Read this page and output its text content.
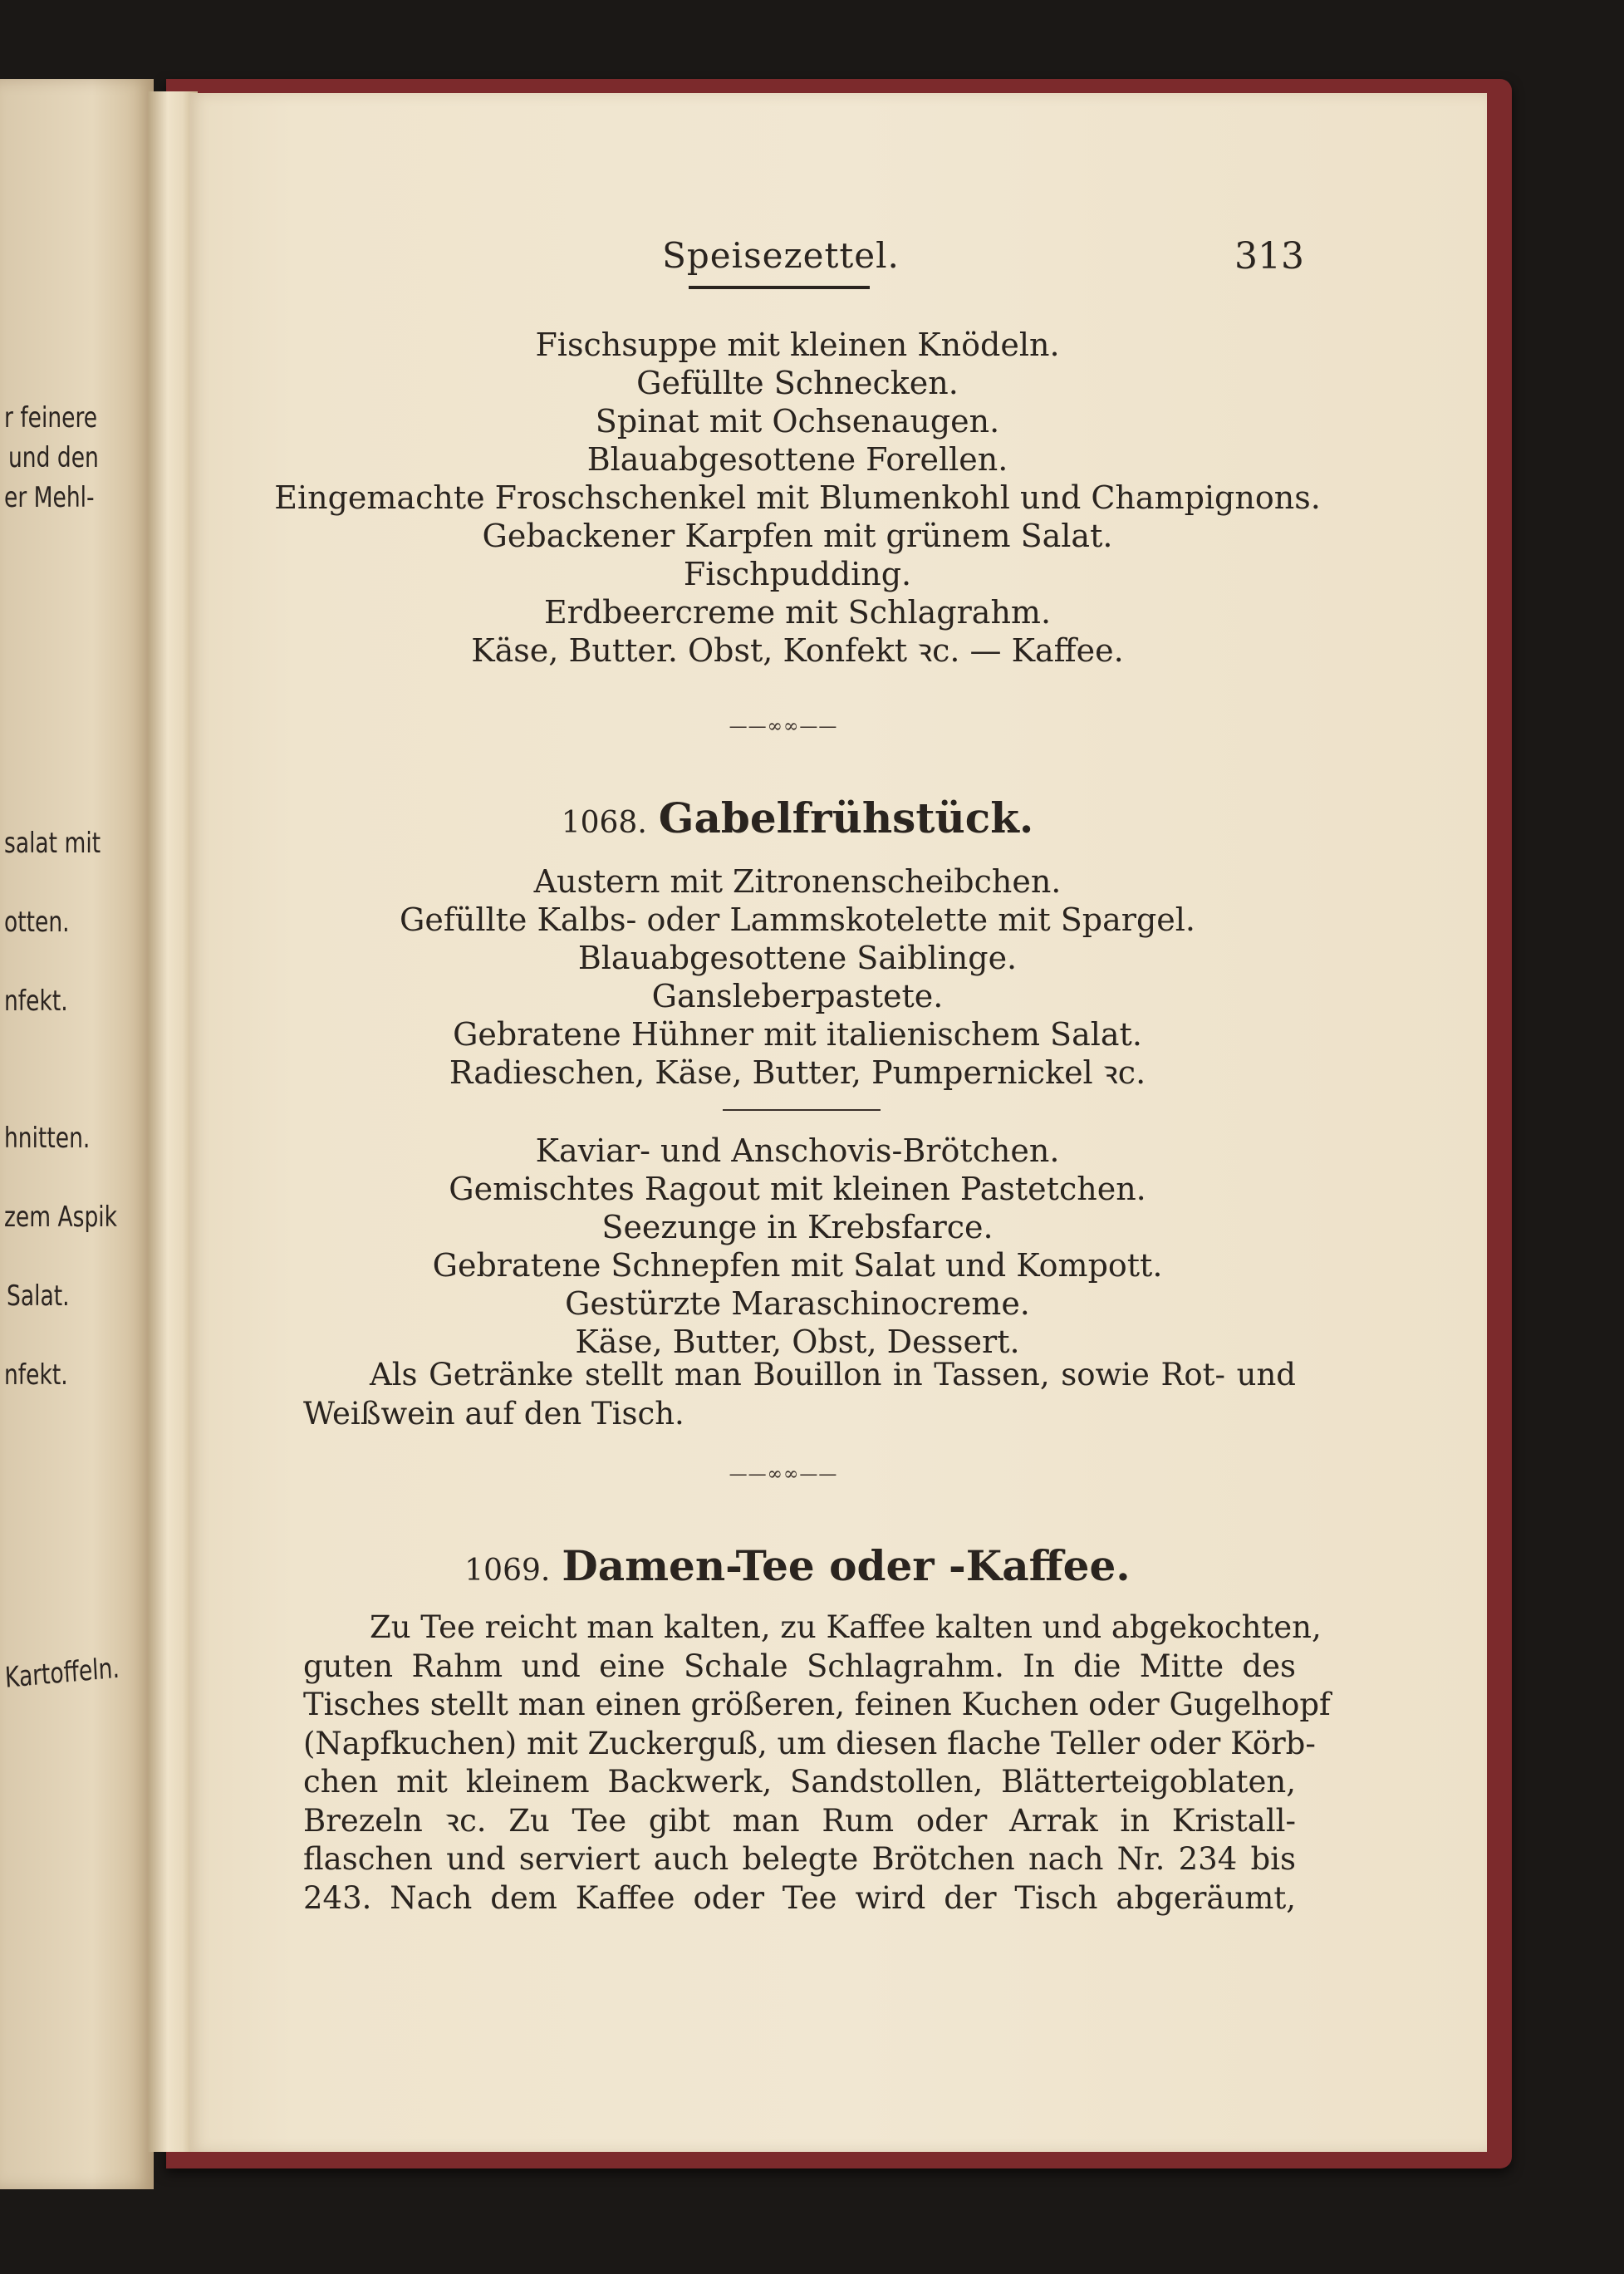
r feinere
und den
er Mehl-
salat mit
otten.
nfekt.
hnitten.
zem Aspik
Salat.
nfekt.
Kartoffeln.
Speisezettel.	313
Fischsuppe mit kleinen Knödeln.
Gefüllte Schnecken.
Spinat mit Ochsenaugen.
Blauabgesottene Forellen.
Eingemachte Froschschenkel mit Blumenkohl und Champignons.
Gebackener Karpfen mit grünem Salat.
Fischpudding.
Erdbeercreme mit Schlagrahm.
Käse, Butter. Obst, Konfekt ꝛc. — Kaffee.
——∞∞——
1068. Gabelfrühstück.
Austern mit Zitronenscheibchen.
Gefüllte Kalbs- oder Lammskotelette mit Spargel.
Blauabgesottene Saiblinge.
Gansleberpastete.
Gebratene Hühner mit italienischem Salat.
Radieschen, Käse, Butter, Pumpernickel ꝛc.
Kaviar- und Anschovis-Brötchen.
Gemischtes Ragout mit kleinen Pastetchen.
Seezunge in Krebsfarce.
Gebratene Schnepfen mit Salat und Kompott.
Gestürzte Maraschinocreme.
Käse, Butter, Obst, Dessert.
Als Getränke stellt man Bouillon in Tassen, sowie Rot- und
Weißwein auf den Tisch.
——∞∞——
1069. Damen-Tee oder -Kaffee.
Zu Tee reicht man kalten, zu Kaffee kalten und abgekochten,
guten Rahm und eine Schale Schlagrahm. In die Mitte des
Tisches stellt man einen größeren, feinen Kuchen oder Gugelhopf
(Napfkuchen) mit Zuckerguß, um diesen flache Teller oder Körb-
chen mit kleinem Backwerk, Sandstollen, Blätterteigoblaten,
Brezeln ꝛc. Zu Tee gibt man Rum oder Arrak in Kristall-
flaschen und serviert auch belegte Brötchen nach Nr. 234 bis
243. Nach dem Kaffee oder Tee wird der Tisch abgeräumt,
